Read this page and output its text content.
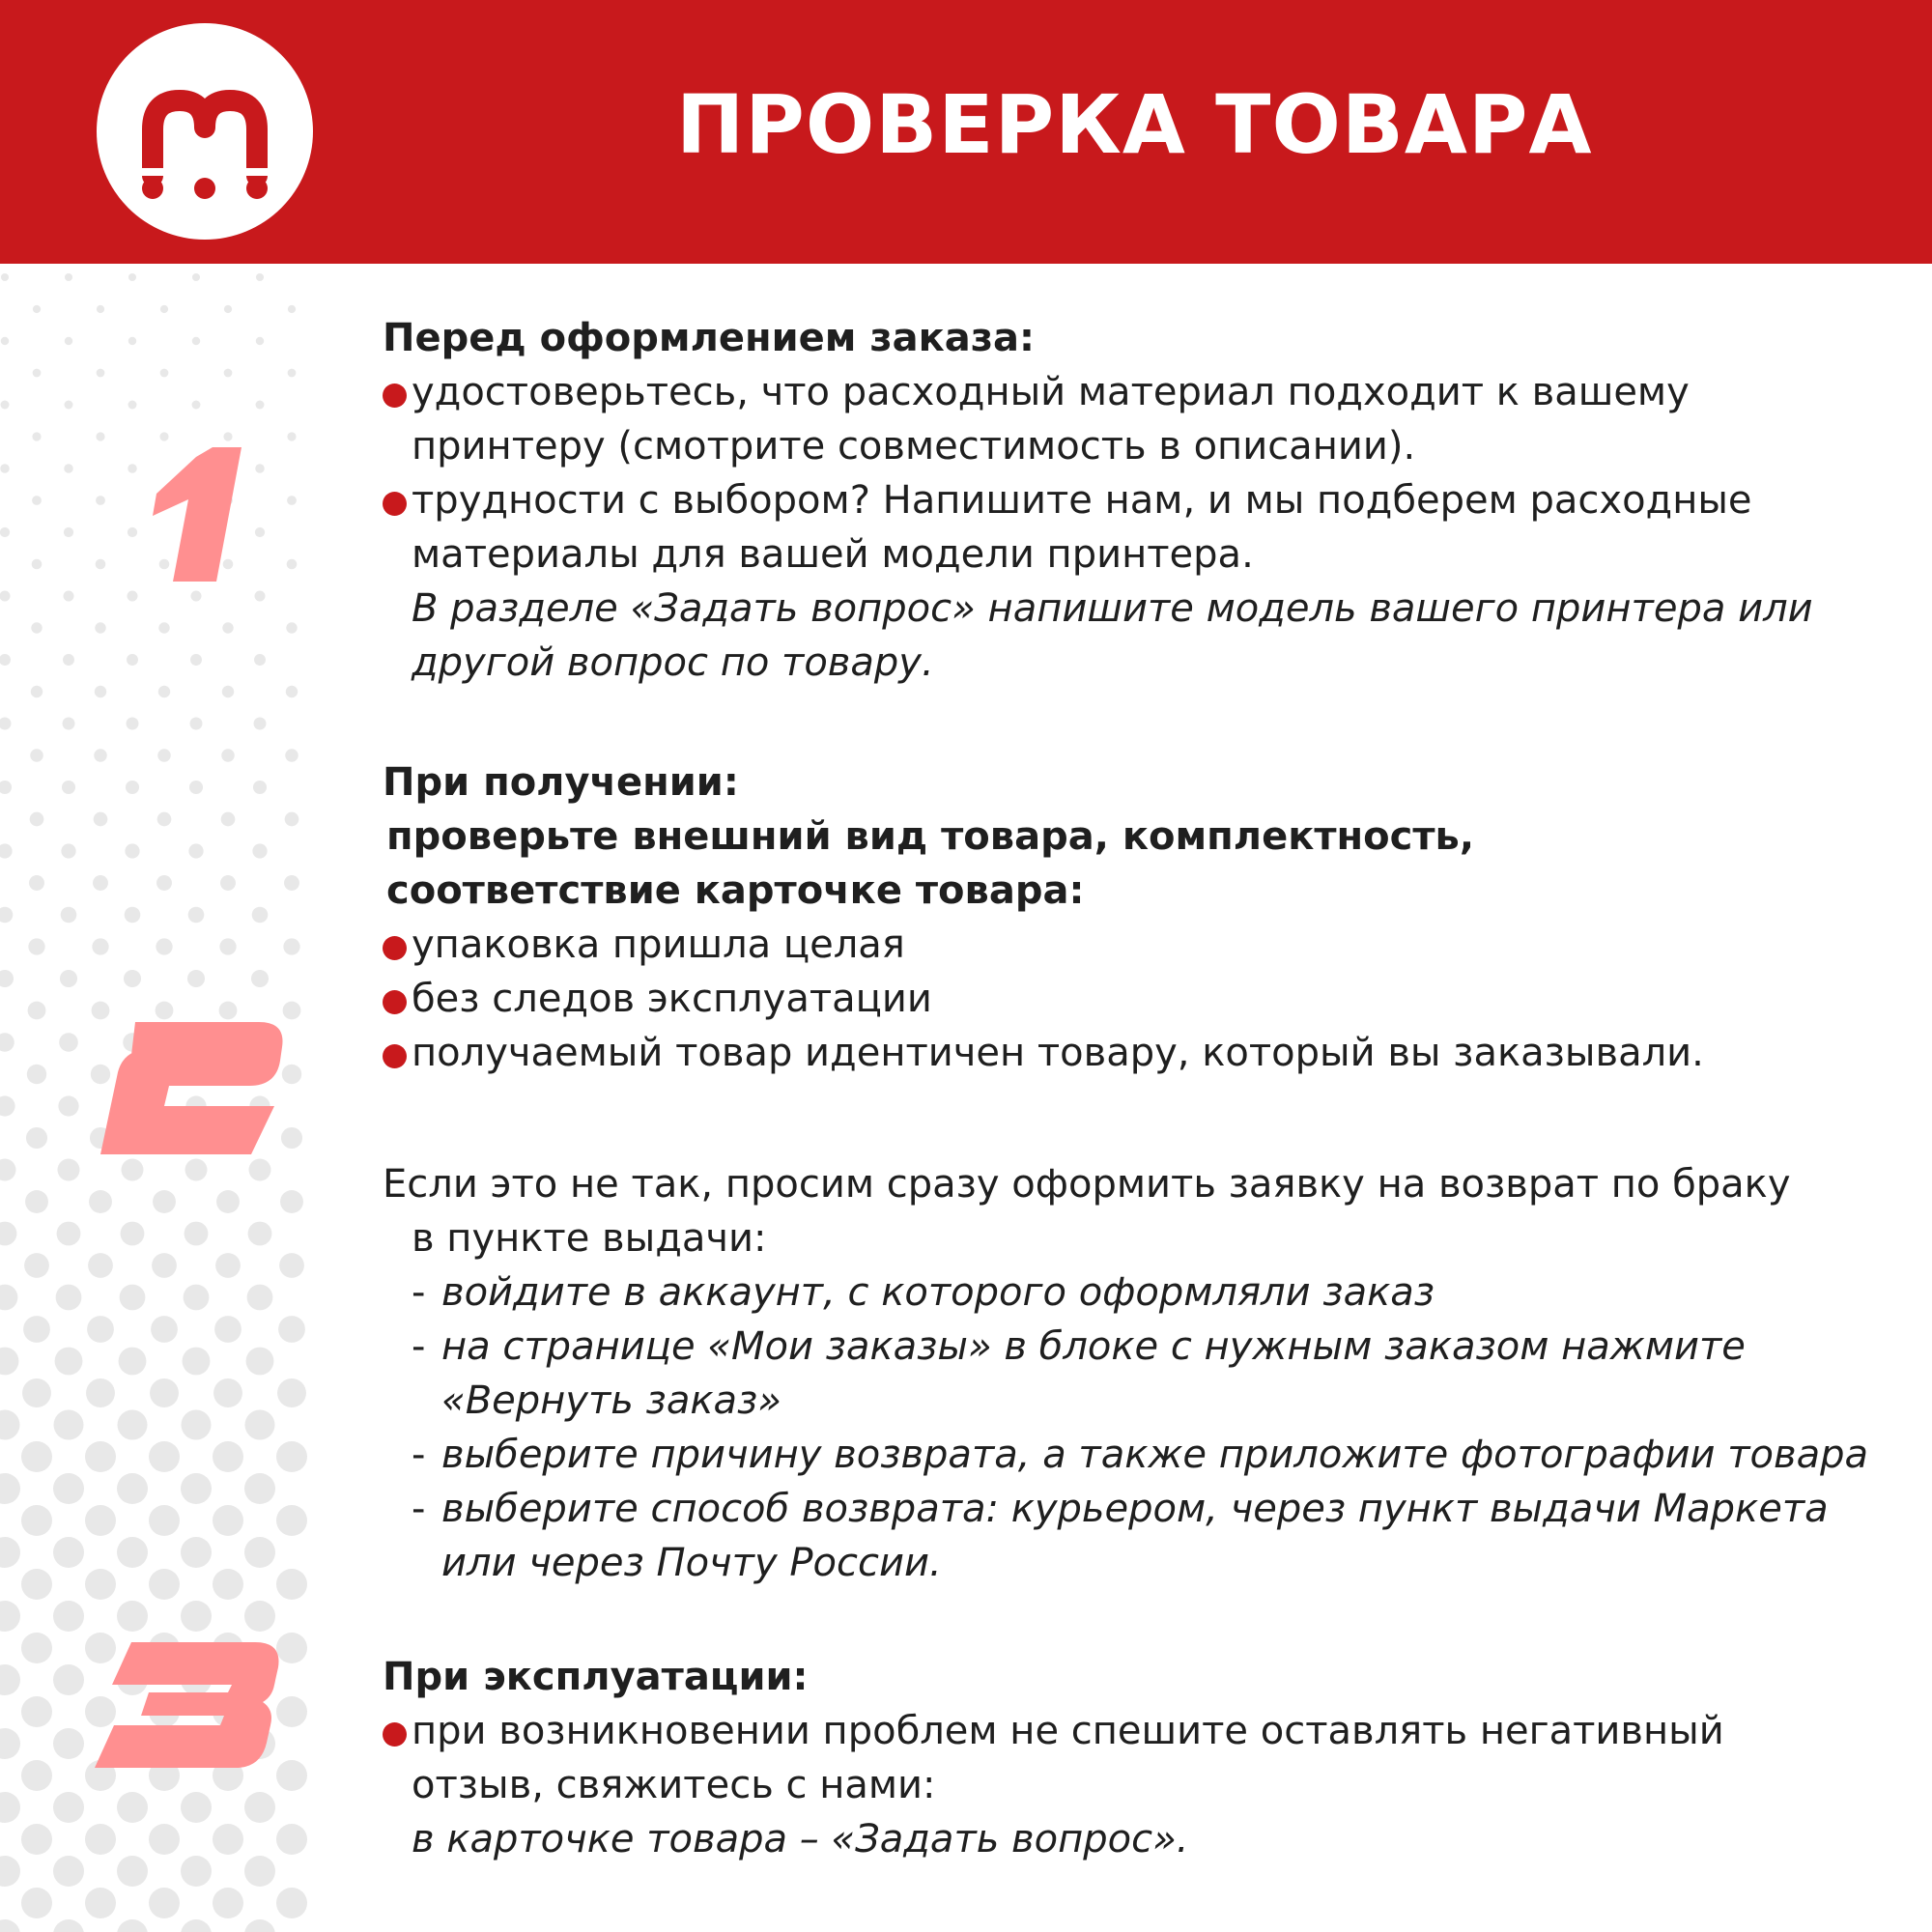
ПРОВЕРКА ТОВАРА
Перед оформлением заказа:
удостоверьтесь, что расходный материал подходит к вашему
принтеру (смотрите совместимость в описании).
трудности с выбором? Напишите нам, и мы подберем расходные
материалы для вашей модели принтера.
В разделе «Задать вопрос» напишите модель вашего принтера или
другой вопрос по товару.
При получении:
проверьте внешний вид товара, комплектность,
соответствие карточке товара:
упаковка пришла целая
без следов эксплуатации
получаемый товар идентичен товару, который вы заказывали.
Если это не так, просим сразу оформить заявку на возврат по браку
в пункте выдачи:
- войдите в аккаунт, с которого оформляли заказ
- на странице «Мои заказы» в блоке с нужным заказом нажмите
«Вернуть заказ»
- выберите причину возврата, а также приложите фотографии товара
- выберите способ возврата: курьером, через пункт выдачи Маркета
или через Почту России.
При эксплуатации:
при возникновении проблем не спешите оставлять негативный
отзыв, свяжитесь с нами:
в карточке товара – «Задать вопрос».
